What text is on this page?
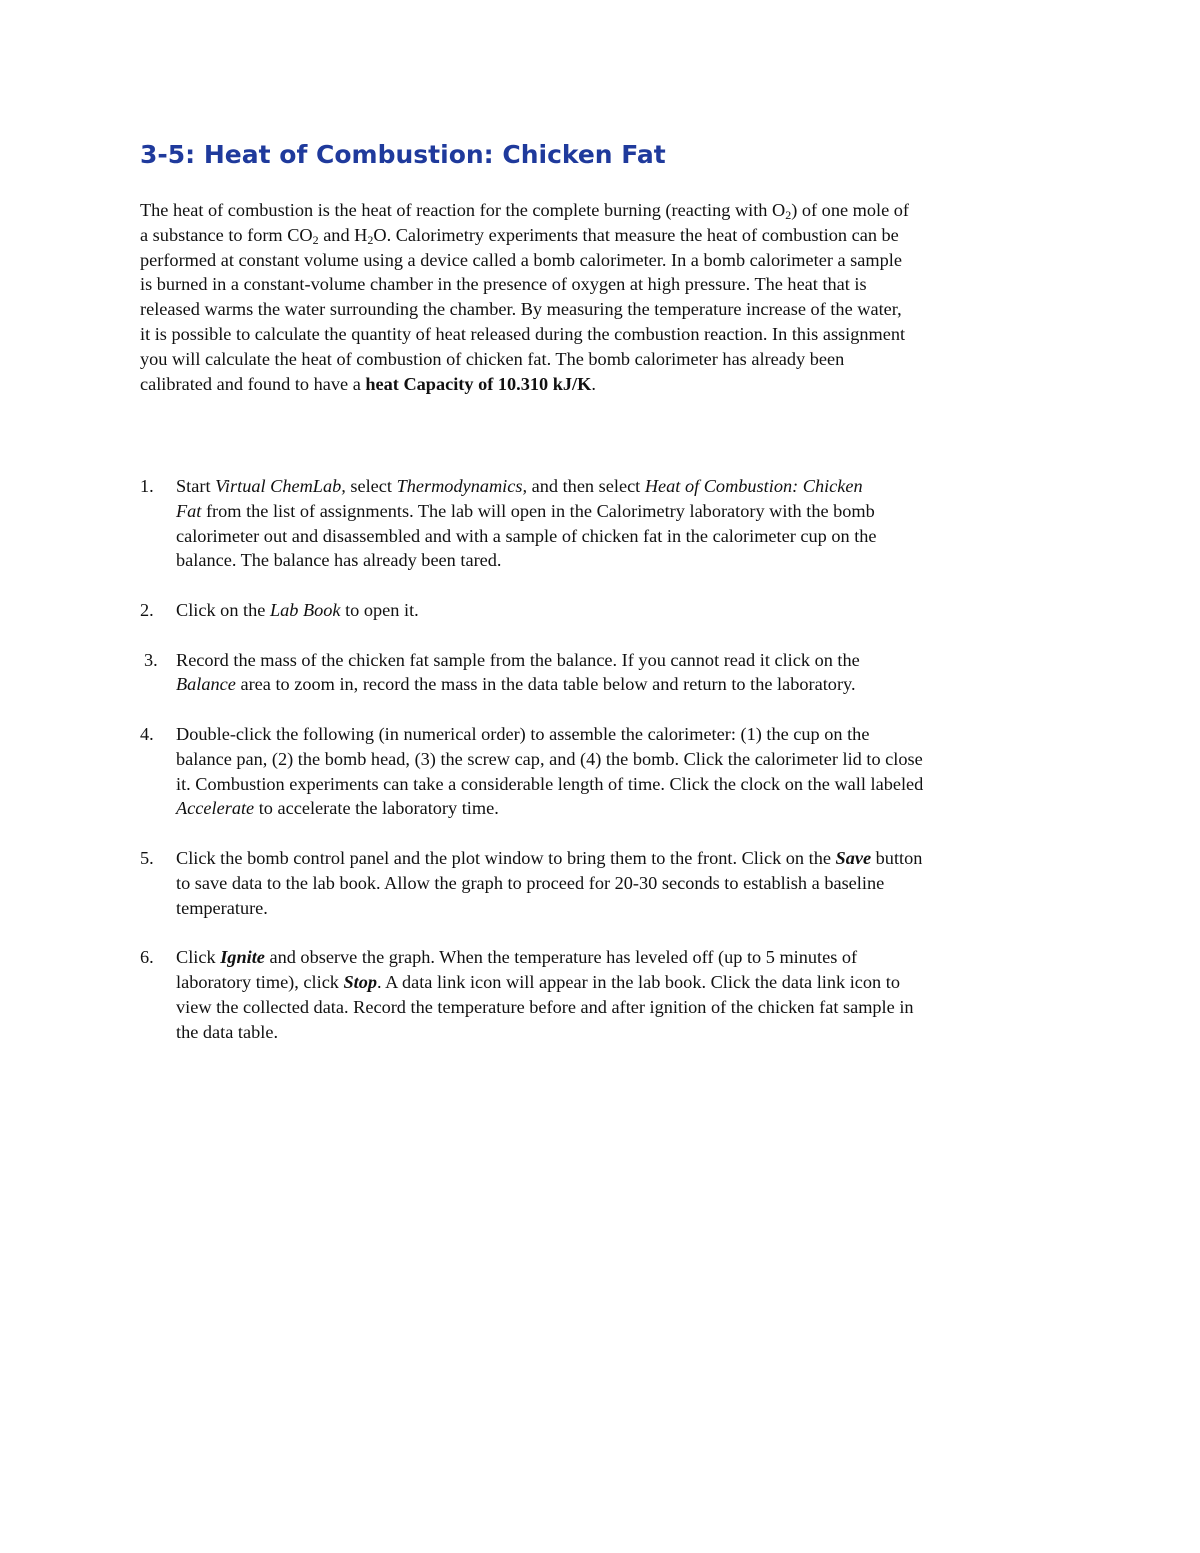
3-5: Heat of Combustion: Chicken Fat

The heat of combustion is the heat of reaction for the complete burning (reacting with $O_2$) of one mole of
a substance to form $CO_2$ and $H_2O$. Calorimetry experiments that measure the heat of combustion can be
performed at constant volume using a device called a bomb calorimeter. In a bomb calorimeter a sample
is burned in a constant-volume chamber in the presence of oxygen at high pressure. The heat that is
released warms the water surrounding the chamber. By measuring the temperature increase of the water,
it is possible to calculate the quantity of heat released during the combustion reaction. In this assignment
you will calculate the heat of combustion of chicken fat. The bomb calorimeter has already been
calibrated and found to have a heat Capacity of 10.310 kJ/K.

1. Start Virtual ChemLab, select Thermodynamics, and then select Heat of Combustion: Chicken
Fat from the list of assignments. The lab will open in the Calorimetry laboratory with the bomb
calorimeter out and disassembled and with a sample of chicken fat in the calorimeter cup on the
balance. The balance has already been tared.
2. Click on the Lab Book to open it.
3. Record the mass of the chicken fat sample from the balance. If you cannot read it click on the
Balance area to zoom in, record the mass in the data table below and return to the laboratory.
4. Double-click the following (in numerical order) to assemble the calorimeter: (1) the cup on the
balance pan, (2) the bomb head, (3) the screw cap, and (4) the bomb. Click the calorimeter lid to close
it. Combustion experiments can take a considerable length of time. Click the clock on the wall labeled
Accelerate to accelerate the laboratory time.
5. Click the bomb control panel and the plot window to bring them to the front. Click on the Save button
to save data to the lab book. Allow the graph to proceed for 20-30 seconds to establish a baseline
temperature.
6. Click Ignite and observe the graph. When the temperature has leveled off (up to 5 minutes of
laboratory time), click Stop. A data link icon will appear in the lab book. Click the data link icon to
view the collected data. Record the temperature before and after ignition of the chicken fat sample in
the data table.
